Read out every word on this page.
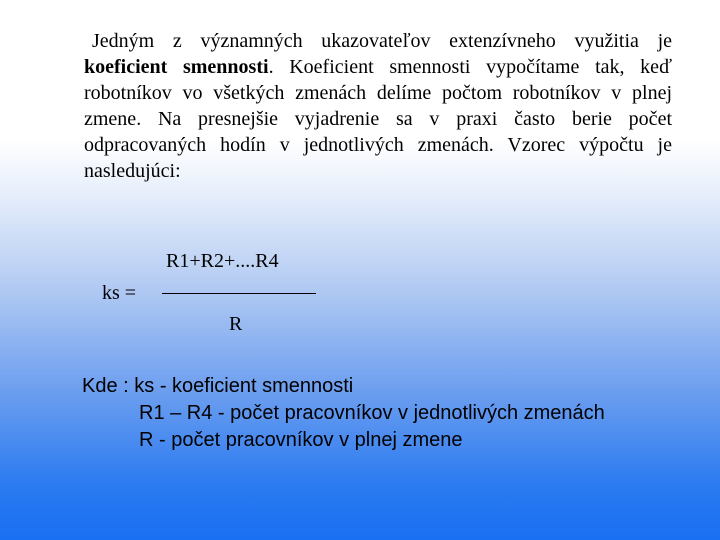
Jedným z významných ukazovateľov extenzívneho využitia je koeficient smennosti. Koeficient smennosti vypočítame tak, keď robotníkov vo všetkých zmenách delíme počtom robotníkov v plnej zmene. Na presnejšie vyjadrenie sa v praxi často berie počet odpracovaných hodín v jednotlivých zmenách. Vzorec výpočtu je nasledujúci:

R1+R2+....R4
ks =
R
Kde : ks - koeficient smennosti
R1 – R4 - počet pracovníkov v jednotlivých zmenách
R - počet pracovníkov v plnej zmene
